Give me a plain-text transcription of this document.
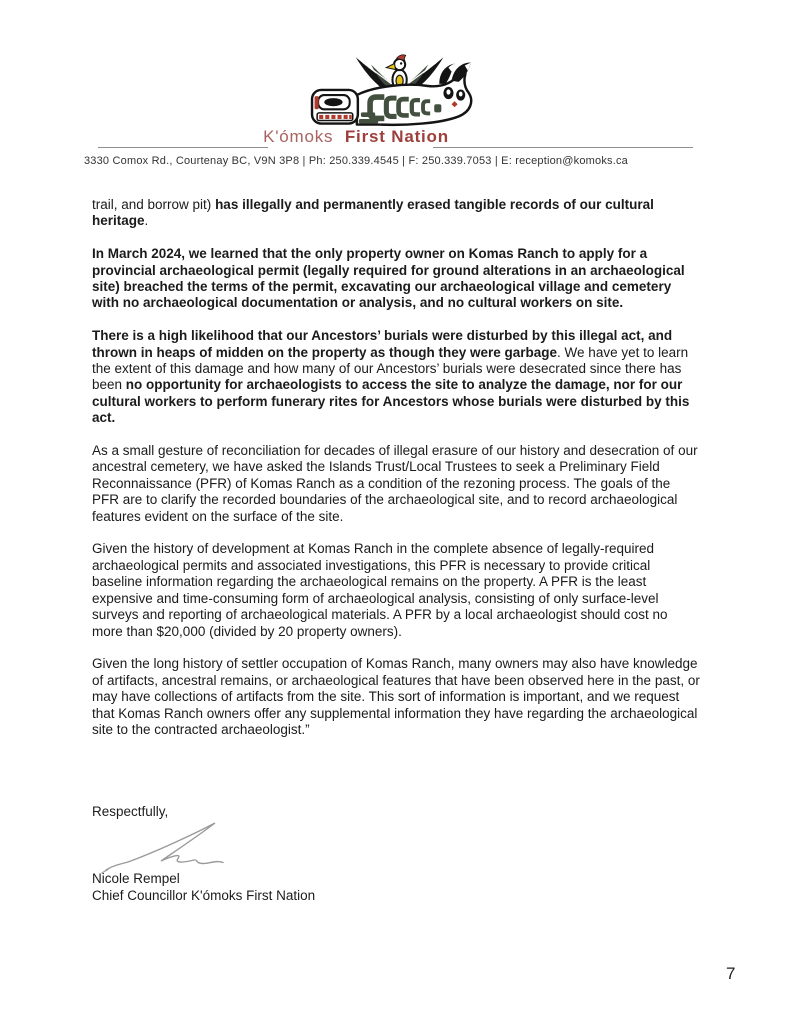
K'ómoks First Nation
3330 Comox Rd., Courtenay BC, V9N 3P8 | Ph: 250.339.4545 | F: 250.339.7053 | E: reception@komoks.ca

trail, and borrow pit) has illegally and permanently erased tangible records of our cultural heritage.

In March 2024, we learned that the only property owner on Komas Ranch to apply for a provincial archaeological permit (legally required for ground alterations in an archaeological site) breached the terms of the permit, excavating our archaeological village and cemetery with no archaeological documentation or analysis, and no cultural workers on site.

There is a high likelihood that our Ancestors’ burials were disturbed by this illegal act, and thrown in heaps of midden on the property as though they were garbage. We have yet to learn the extent of this damage and how many of our Ancestors’ burials were desecrated since there has been no opportunity for archaeologists to access the site to analyze the damage, nor for our cultural workers to perform funerary rites for Ancestors whose burials were disturbed by this act.

As a small gesture of reconciliation for decades of illegal erasure of our history and desecration of our ancestral cemetery, we have asked the Islands Trust/Local Trustees to seek a Preliminary Field Reconnaissance (PFR) of Komas Ranch as a condition of the rezoning process. The goals of the PFR are to clarify the recorded boundaries of the archaeological site, and to record archaeological features evident on the surface of the site.

Given the history of development at Komas Ranch in the complete absence of legally-required archaeological permits and associated investigations, this PFR is necessary to provide critical baseline information regarding the archaeological remains on the property. A PFR is the least expensive and time-consuming form of archaeological analysis, consisting of only surface-level surveys and reporting of archaeological materials. A PFR by a local archaeologist should cost no more than $20,000 (divided by 20 property owners).

Given the long history of settler occupation of Komas Ranch, many owners may also have knowledge of artifacts, ancestral remains, or archaeological features that have been observed here in the past, or may have collections of artifacts from the site. This sort of information is important, and we request that Komas Ranch owners offer any supplemental information they have regarding the archaeological site to the contracted archaeologist.”

Respectfully,
Nicole Rempel
Chief Councillor K'ómoks First Nation
7
